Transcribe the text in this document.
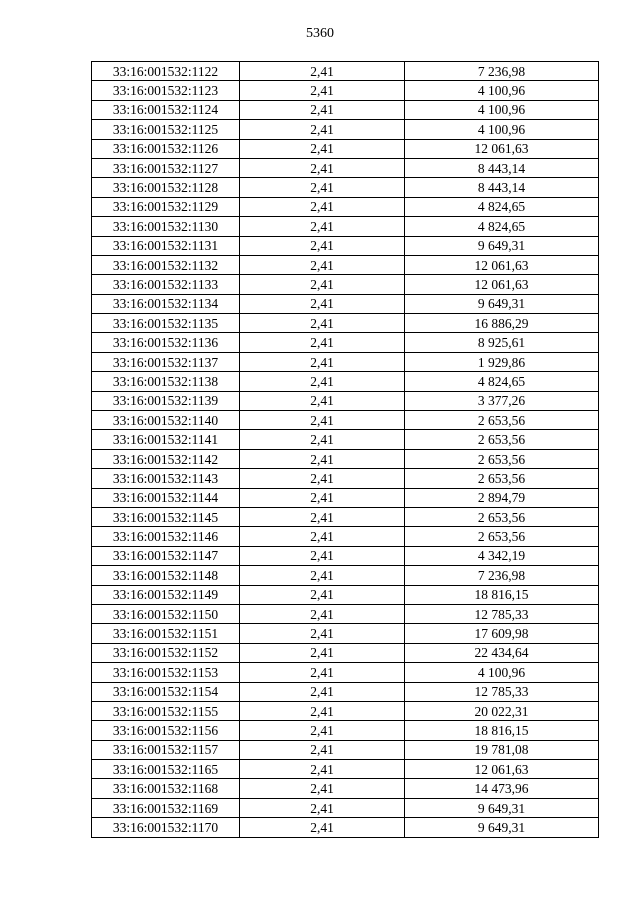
5360
33:16:001532:1122	2,41	7 236,98
33:16:001532:1123	2,41	4 100,96
33:16:001532:1124	2,41	4 100,96
33:16:001532:1125	2,41	4 100,96
33:16:001532:1126	2,41	12 061,63
33:16:001532:1127	2,41	8 443,14
33:16:001532:1128	2,41	8 443,14
33:16:001532:1129	2,41	4 824,65
33:16:001532:1130	2,41	4 824,65
33:16:001532:1131	2,41	9 649,31
33:16:001532:1132	2,41	12 061,63
33:16:001532:1133	2,41	12 061,63
33:16:001532:1134	2,41	9 649,31
33:16:001532:1135	2,41	16 886,29
33:16:001532:1136	2,41	8 925,61
33:16:001532:1137	2,41	1 929,86
33:16:001532:1138	2,41	4 824,65
33:16:001532:1139	2,41	3 377,26
33:16:001532:1140	2,41	2 653,56
33:16:001532:1141	2,41	2 653,56
33:16:001532:1142	2,41	2 653,56
33:16:001532:1143	2,41	2 653,56
33:16:001532:1144	2,41	2 894,79
33:16:001532:1145	2,41	2 653,56
33:16:001532:1146	2,41	2 653,56
33:16:001532:1147	2,41	4 342,19
33:16:001532:1148	2,41	7 236,98
33:16:001532:1149	2,41	18 816,15
33:16:001532:1150	2,41	12 785,33
33:16:001532:1151	2,41	17 609,98
33:16:001532:1152	2,41	22 434,64
33:16:001532:1153	2,41	4 100,96
33:16:001532:1154	2,41	12 785,33
33:16:001532:1155	2,41	20 022,31
33:16:001532:1156	2,41	18 816,15
33:16:001532:1157	2,41	19 781,08
33:16:001532:1165	2,41	12 061,63
33:16:001532:1168	2,41	14 473,96
33:16:001532:1169	2,41	9 649,31
33:16:001532:1170	2,41	9 649,31
